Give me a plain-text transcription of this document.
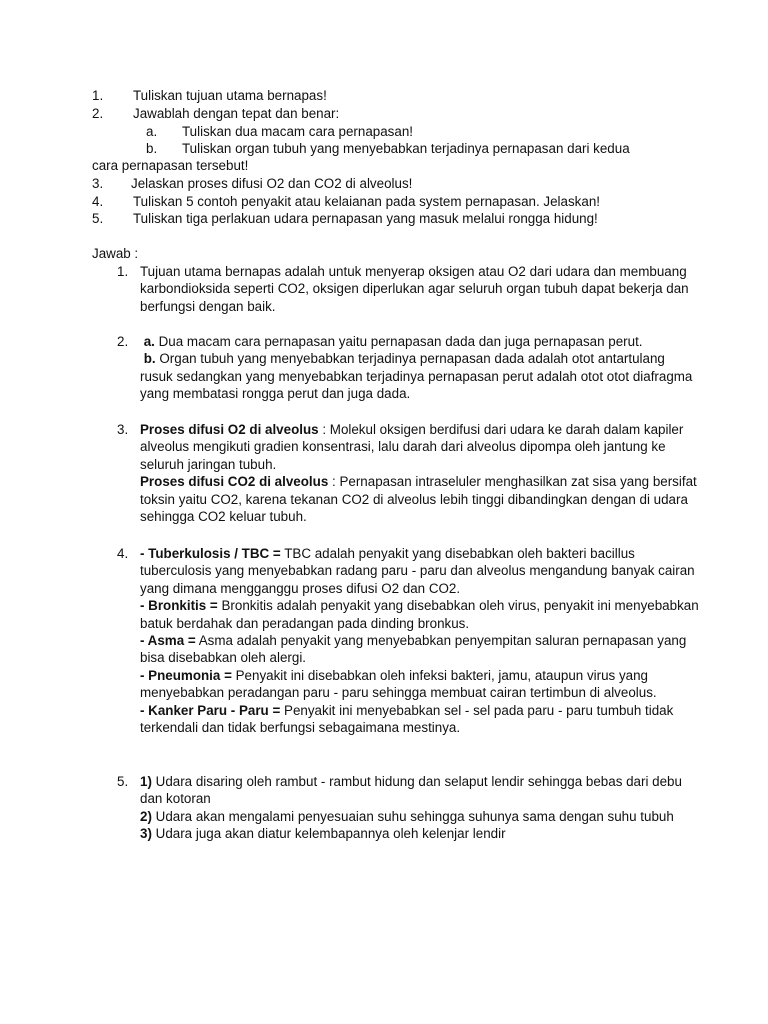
1. Tuliskan tujuan utama bernapas!
2. Jawablah dengan tepat dan benar:
a. Tuliskan dua macam cara pernapasan!
b. Tuliskan organ tubuh yang menyebabkan terjadinya pernapasan dari kedua
cara pernapasan tersebut!
3. Jelaskan proses difusi O2 dan CO2 di alveolus!
4. Tuliskan 5 contoh penyakit atau kelaianan pada system pernapasan. Jelaskan!
5. Tuliskan tiga perlakuan udara pernapasan yang masuk melalui rongga hidung!
Jawab :
1. Tujuan utama bernapas adalah untuk menyerap oksigen atau O2 dari udara dan membuang karbondioksida seperti CO2, oksigen diperlukan agar seluruh organ tubuh dapat bekerja dan berfungsi dengan baik.

2. a. Dua macam cara pernapasan yaitu pernapasan dada dan juga pernapasan perut.

b. Organ tubuh yang menyebabkan terjadinya pernapasan dada adalah otot antartulang rusuk sedangkan yang menyebabkan terjadinya pernapasan perut adalah otot otot diafragma yang membatasi rongga perut dan juga dada.

3. Proses difusi O2 di alveolus : Molekul oksigen berdifusi dari udara ke darah dalam kapiler alveolus mengikuti gradien konsentrasi, lalu darah dari alveolus dipompa oleh jantung ke seluruh jaringan tubuh.

Proses difusi CO2 di alveolus : Pernapasan intraseluler menghasilkan zat sisa yang bersifat toksin yaitu CO2, karena tekanan CO2 di alveolus lebih tinggi dibandingkan dengan di udara sehingga CO2 keluar tubuh.

4. - Tuberkulosis / TBC = TBC adalah penyakit yang disebabkan oleh bakteri bacillus tuberculosis yang menyebabkan radang paru - paru dan alveolus mengandung banyak cairan yang dimana mengganggu proses difusi O2 dan CO2.

- Bronkitis = Bronkitis adalah penyakit yang disebabkan oleh virus, penyakit ini menyebabkan batuk berdahak dan peradangan pada dinding bronkus.

- Asma = Asma adalah penyakit yang menyebabkan penyempitan saluran pernapasan yang bisa disebabkan oleh alergi.

- Pneumonia = Penyakit ini disebabkan oleh infeksi bakteri, jamu, ataupun virus yang menyebabkan peradangan paru - paru sehingga membuat cairan tertimbun di alveolus.

- Kanker Paru - Paru = Penyakit ini menyebabkan sel - sel pada paru - paru tumbuh tidak terkendali dan tidak berfungsi sebagaimana mestinya.

5. 1) Udara disaring oleh rambut - rambut hidung dan selaput lendir sehingga bebas dari debu dan kotoran

2) Udara akan mengalami penyesuaian suhu sehingga suhunya sama dengan suhu tubuh

3) Udara juga akan diatur kelembapannya oleh kelenjar lendir
